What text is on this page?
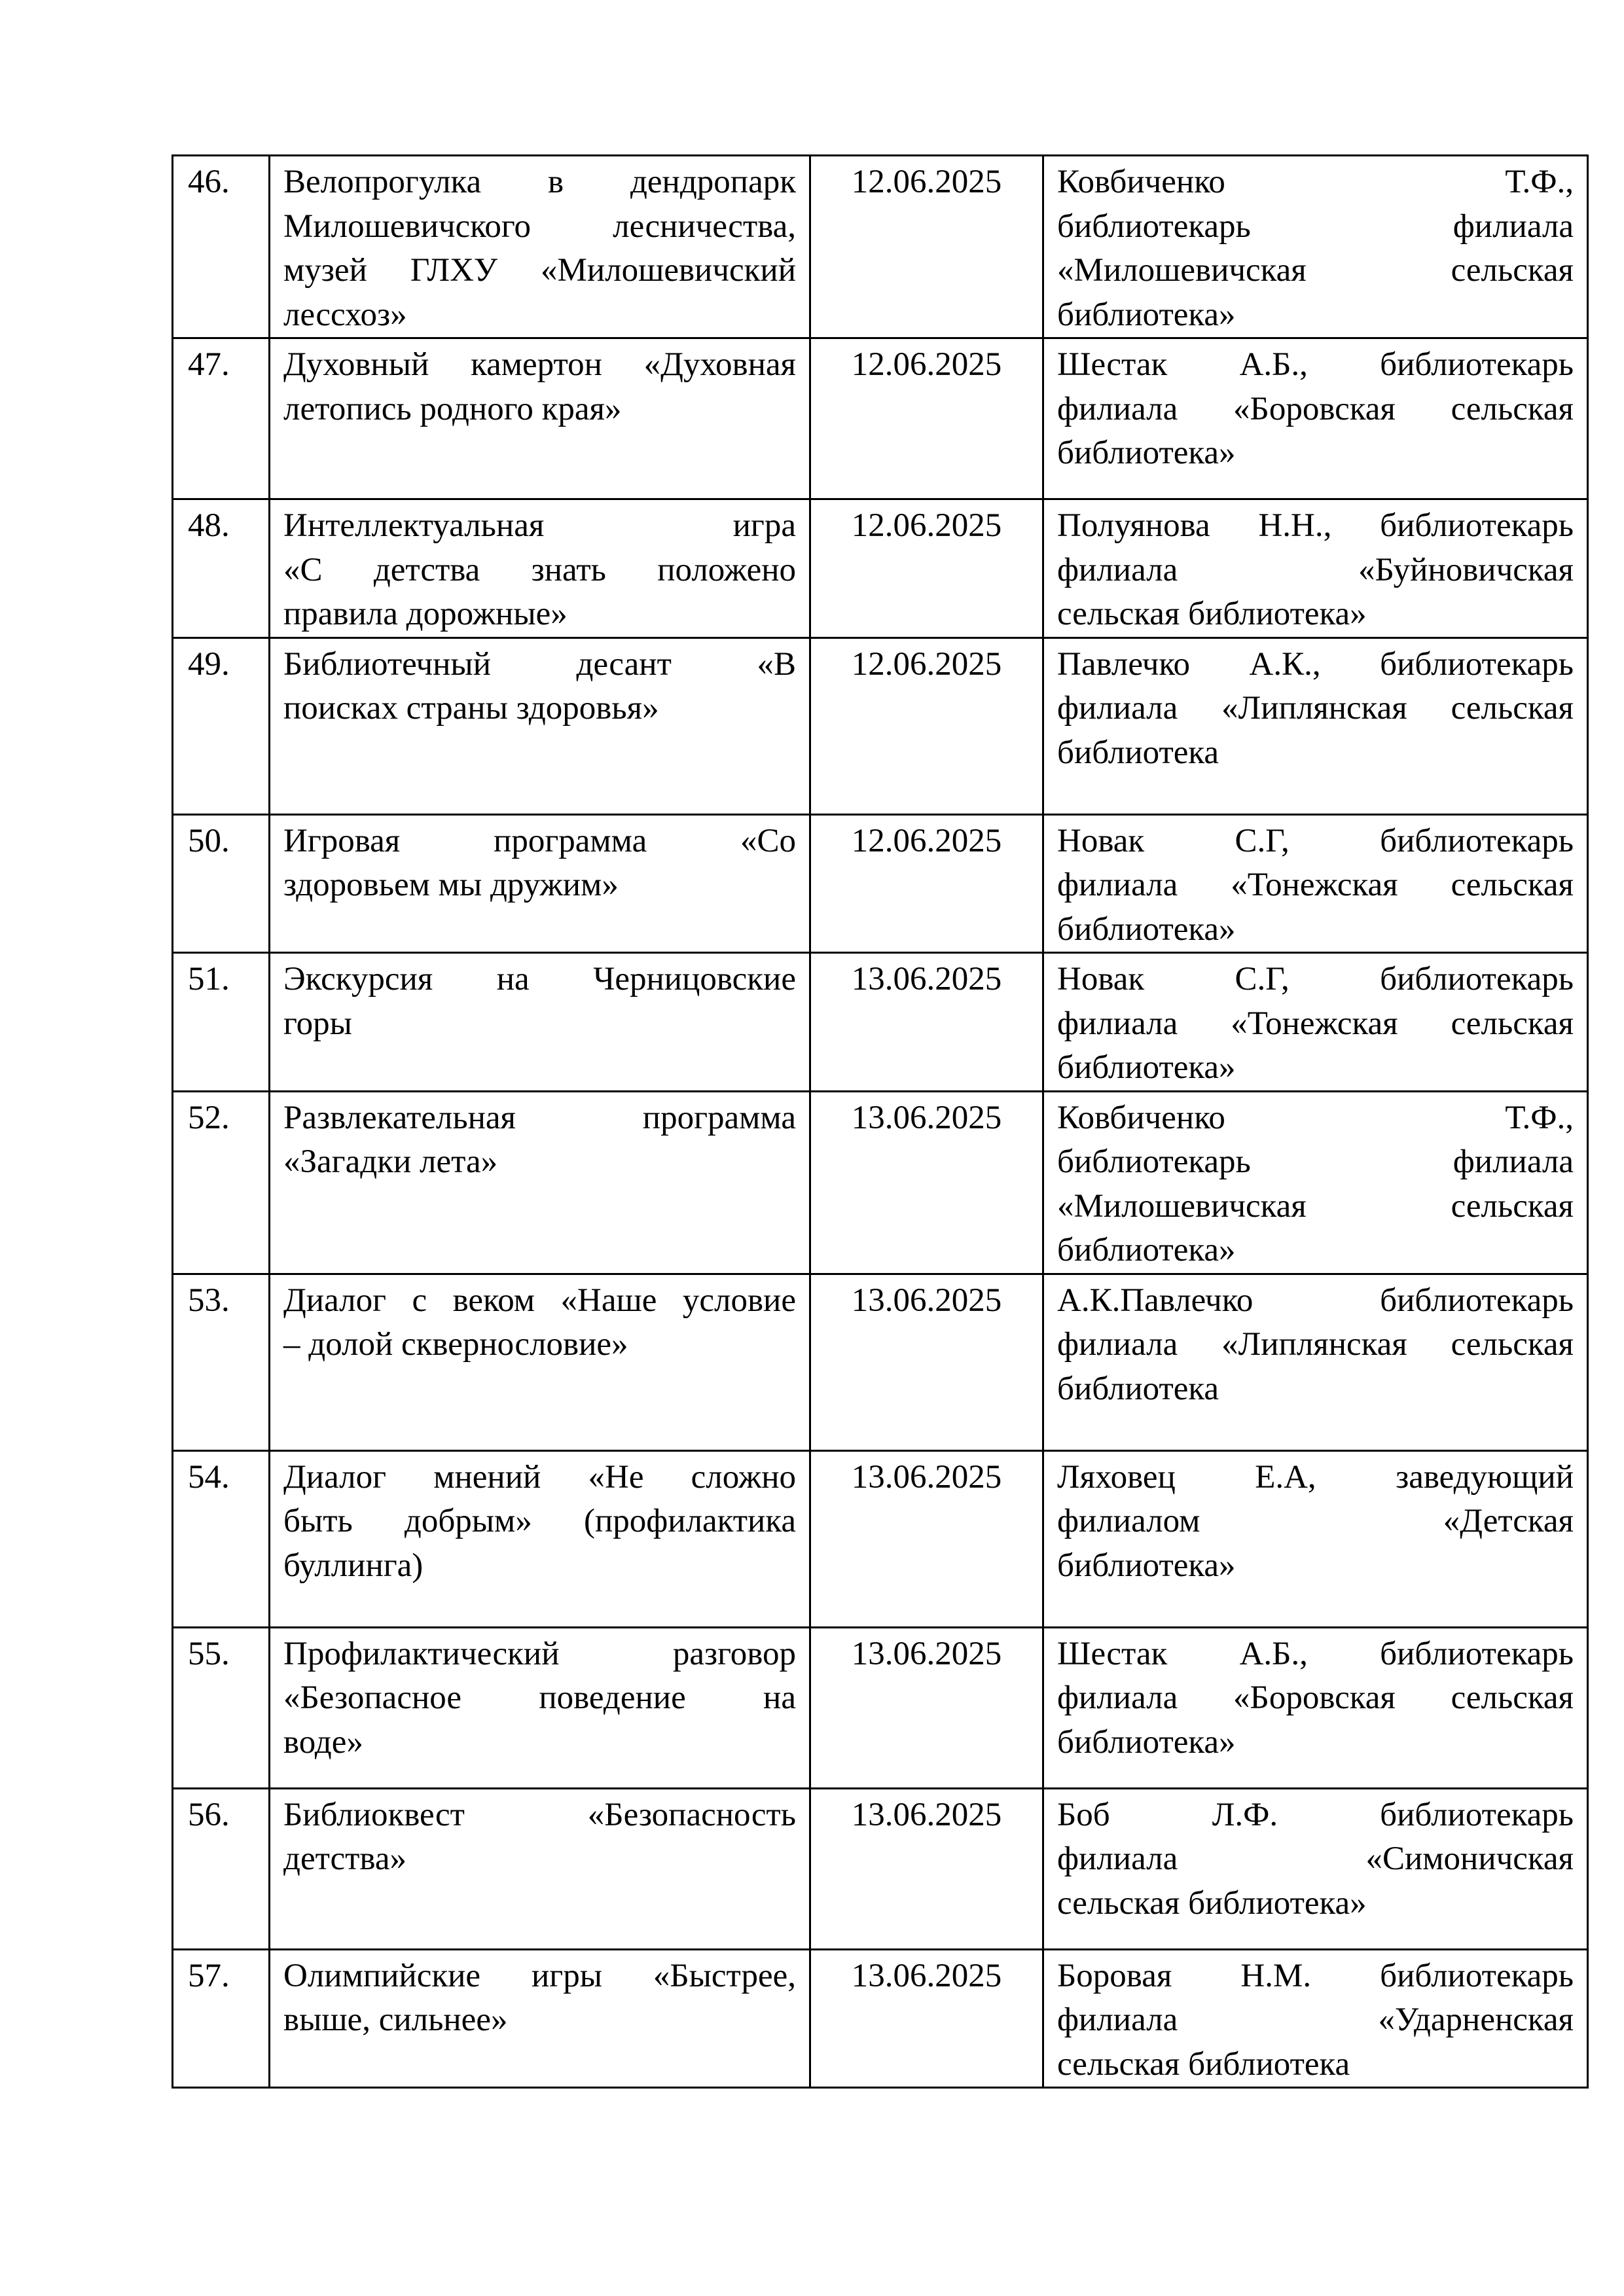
46.	Велопрогулка в дендропарк
Милошевичского лесничества,
музей ГЛХУ «Милошевичский
лессхоз»	12.06.2025	Ковбиченко Т.Ф.,
библиотекарь филиала
«Милошевичская сельская
библиотека»

47.	Духовный камертон «Духовная
летопись родного края»	12.06.2025	Шестак А.Б., библиотекарь
филиала «Боровская сельская
библиотека»

48.	Интеллектуальная игра
«С детства знать положено
правила дорожные»	12.06.2025	Полуянова Н.Н., библиотекарь
филиала «Буйновичская
сельская библиотека»

49.	Библиотечный десант «В
поисках страны здоровья»	12.06.2025	Павлечко А.К., библиотекарь
филиала «Липлянская сельская
библиотека

50.	Игровая программа «Со
здоровьем мы дружим»	12.06.2025	Новак С.Г, библиотекарь
филиала «Тонежская сельская
библиотека»

51.	Экскурсия на Черницовские
горы	13.06.2025	Новак С.Г, библиотекарь
филиала «Тонежская сельская
библиотека»

52.	Развлекательная программа
«Загадки лета»	13.06.2025	Ковбиченко Т.Ф.,
библиотекарь филиала
«Милошевичская сельская
библиотека»

53.	Диалог с веком «Наше условие
– долой сквернословие»	13.06.2025	А.К.Павлечко библиотекарь
филиала «Липлянская сельская
библиотека

54.	Диалог мнений «Не сложно
быть добрым» (профилактика
буллинга)	13.06.2025	Ляховец Е.А, заведующий
филиалом «Детская
библиотека»

55.	Профилактический разговор
«Безопасное поведение на
воде»	13.06.2025	Шестак А.Б., библиотекарь
филиала «Боровская сельская
библиотека»

56.	Библиоквест «Безопасность
детства»	13.06.2025	Боб Л.Ф. библиотекарь
филиала «Симоничская
сельская библиотека»

57.	Олимпийские игры «Быстрее,
выше, сильнее»	13.06.2025	Боровая Н.М. библиотекарь
филиала «Ударненская
сельская библиотека
